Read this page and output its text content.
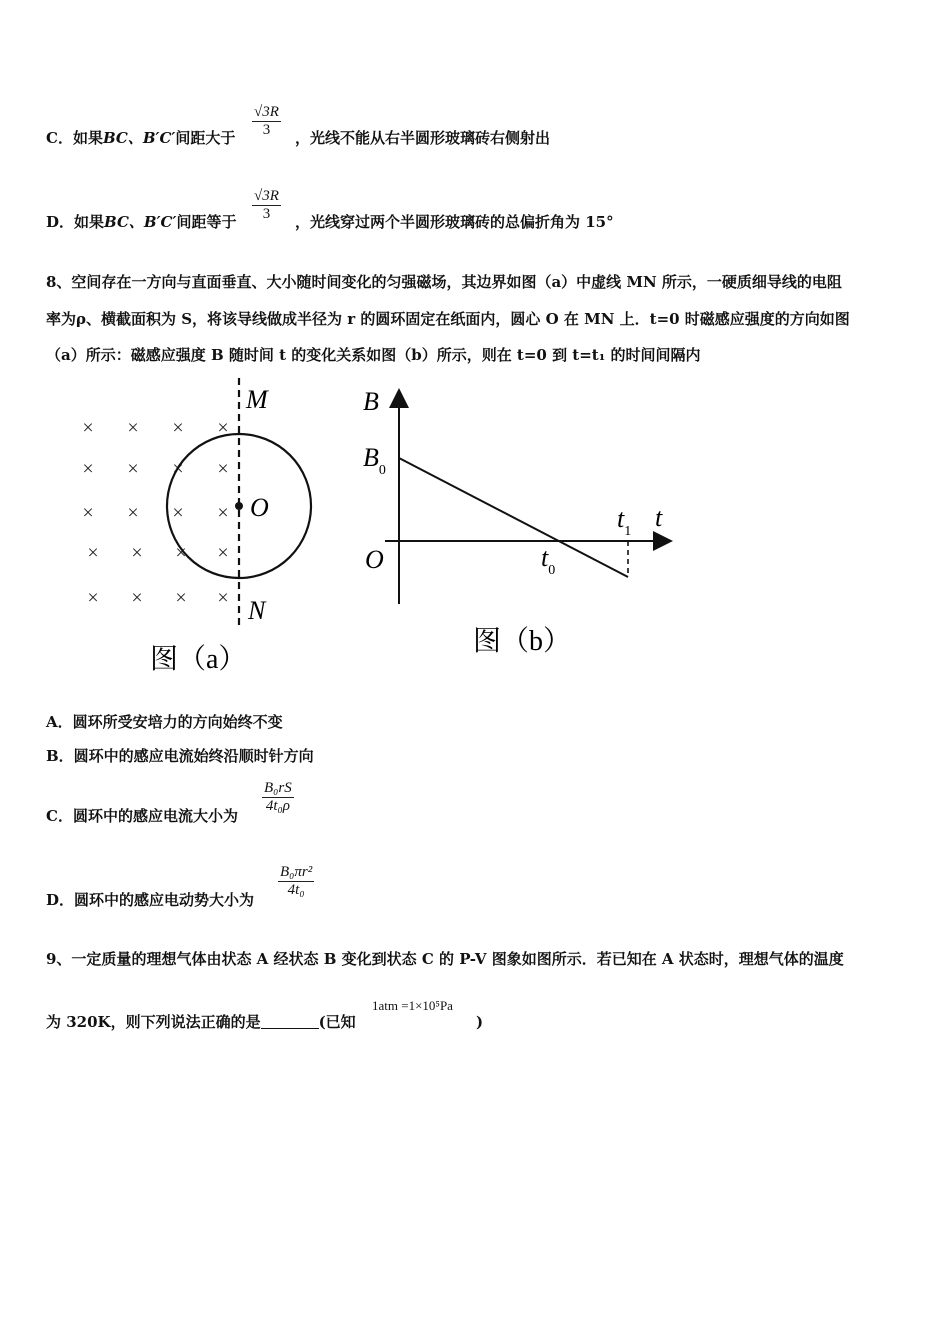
C．如果BC、B′C′间距大于
√3R
3	，光线不能从右半圆形玻璃砖右侧射出
D．如果BC、B′C′间距等于
√3R
3	，光线穿过两个半圆形玻璃砖的总偏折角为 15°
8、空间存在一方向与直面垂直、大小随时间变化的匀强磁场，其边界如图（a）中虚线 MN 所示，一硬质细导线的电阻
率为ρ、横截面积为 S，将该导线做成半径为 r 的圆环固定在纸面内，圆心 O 在 MN 上．t=0 时磁感应强度的方向如图
（a）所示：磁感应强度 B 随时间 t 的变化关系如图（b）所示，则在 t=0 到 t=t₁ 的时间间隔内
× × × ×
× × × ×
× × × ×
× × × ×
× × × ×
M
O
N
图（a）
B
$B_0$
O	$t_0$
$t_1$ t
图（b）
A．圆环所受安培力的方向始终不变
B．圆环中的感应电流始终沿顺时针方向
C．圆环中的感应电流大小为
B₀rS
4t₀ρ
D．圆环中的感应电动势大小为
B₀πr²
4t₀
9、一定质量的理想气体由状态 A 经状态 B 变化到状态 C 的 P-V 图象如图所示．若已知在 A 状态时，理想气体的温度
为 320K，则下列说法正确的是	(已知
1atm =1×10⁵Pa
)
